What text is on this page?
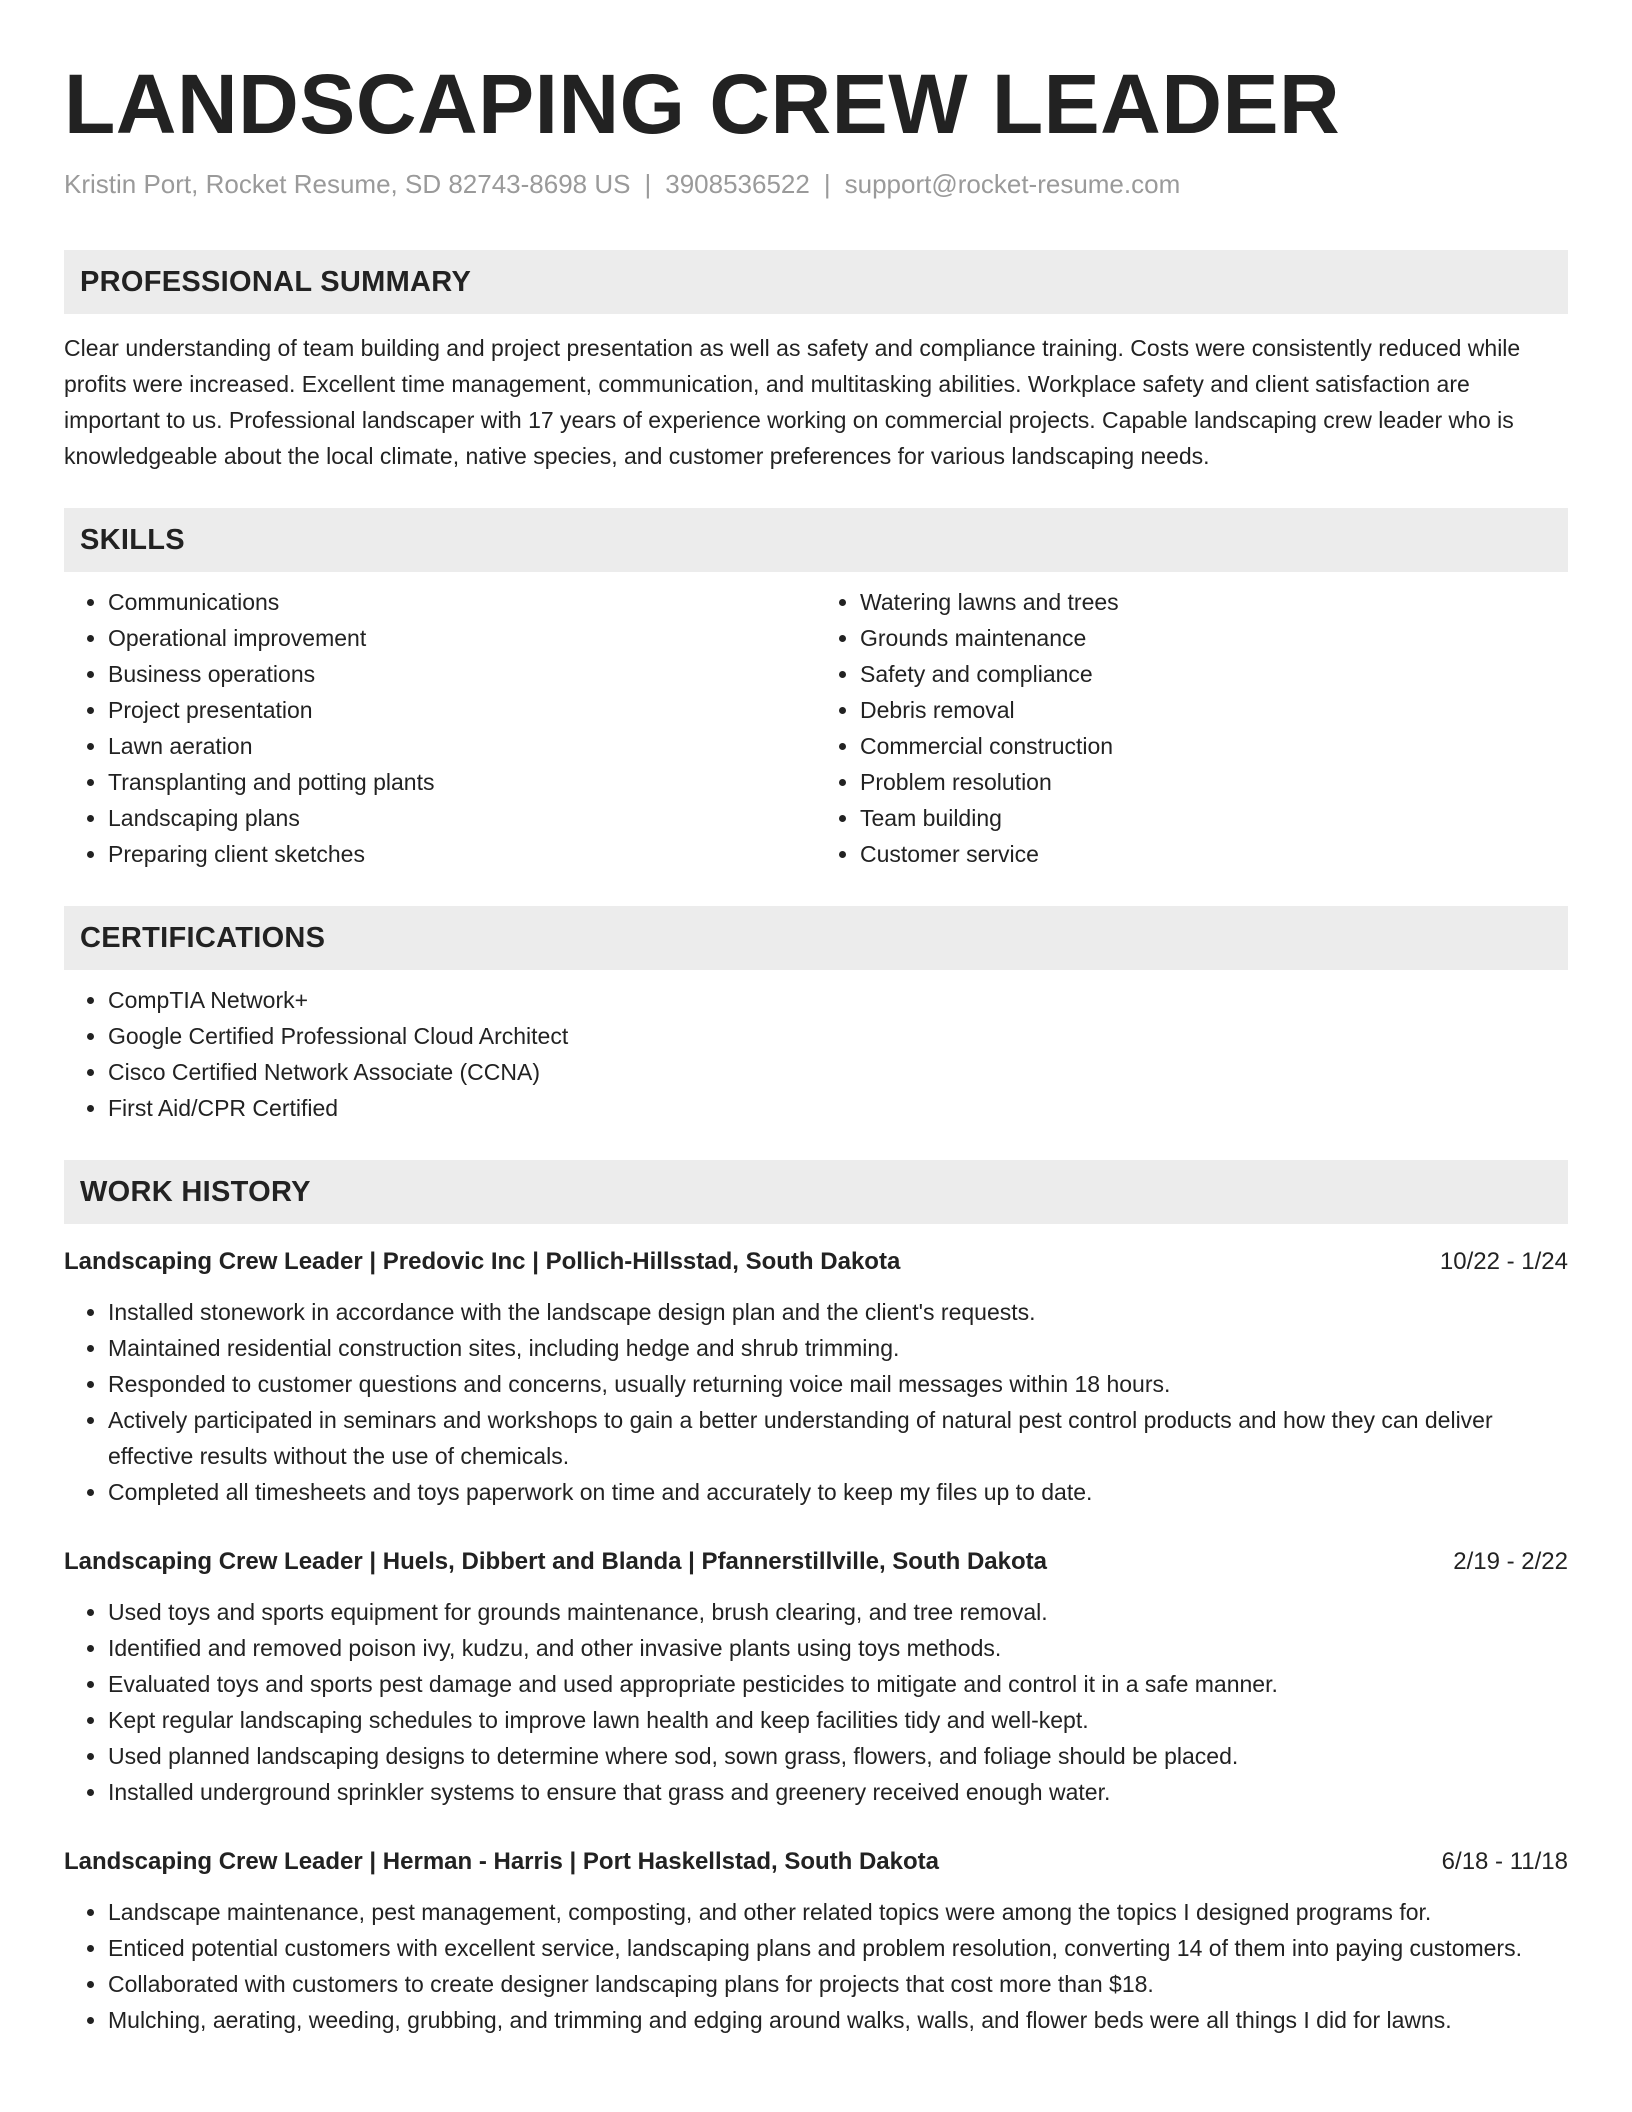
LANDSCAPING CREW LEADER
Kristin Port, Rocket Resume, SD 82743-8698 US | 3908536522 | support@rocket-resume.com
PROFESSIONAL SUMMARY
Clear understanding of team building and project presentation as well as safety and compliance training. Costs were consistently reduced while profits were increased. Excellent time management, communication, and multitasking abilities. Workplace safety and client satisfaction are important to us. Professional landscaper with 17 years of experience working on commercial projects. Capable landscaping crew leader who is knowledgeable about the local climate, native species, and customer preferences for various landscaping needs.
SKILLS
• Communications
• Operational improvement
• Business operations
• Project presentation
• Lawn aeration
• Transplanting and potting plants
• Landscaping plans
• Preparing client sketches
• Watering lawns and trees
• Grounds maintenance
• Safety and compliance
• Debris removal
• Commercial construction
• Problem resolution
• Team building
• Customer service
CERTIFICATIONS
• CompTIA Network+
• Google Certified Professional Cloud Architect
• Cisco Certified Network Associate (CCNA)
• First Aid/CPR Certified
WORK HISTORY
Landscaping Crew Leader | Predovic Inc | Pollich-Hillsstad, South Dakota	10/22 - 1/24
• Installed stonework in accordance with the landscape design plan and the client's requests.
• Maintained residential construction sites, including hedge and shrub trimming.
• Responded to customer questions and concerns, usually returning voice mail messages within 18 hours.
• Actively participated in seminars and workshops to gain a better understanding of natural pest control products and how they can deliver effective results without the use of chemicals.
• Completed all timesheets and toys paperwork on time and accurately to keep my files up to date.
Landscaping Crew Leader | Huels, Dibbert and Blanda | Pfannerstillville, South Dakota	2/19 - 2/22
• Used toys and sports equipment for grounds maintenance, brush clearing, and tree removal.
• Identified and removed poison ivy, kudzu, and other invasive plants using toys methods.
• Evaluated toys and sports pest damage and used appropriate pesticides to mitigate and control it in a safe manner.
• Kept regular landscaping schedules to improve lawn health and keep facilities tidy and well-kept.
• Used planned landscaping designs to determine where sod, sown grass, flowers, and foliage should be placed.
• Installed underground sprinkler systems to ensure that grass and greenery received enough water.
Landscaping Crew Leader | Herman - Harris | Port Haskellstad, South Dakota	6/18 - 11/18
• Landscape maintenance, pest management, composting, and other related topics were among the topics I designed programs for.
• Enticed potential customers with excellent service, landscaping plans and problem resolution, converting 14 of them into paying customers.
• Collaborated with customers to create designer landscaping plans for projects that cost more than $18.
• Mulching, aerating, weeding, grubbing, and trimming and edging around walks, walls, and flower beds were all things I did for lawns.
